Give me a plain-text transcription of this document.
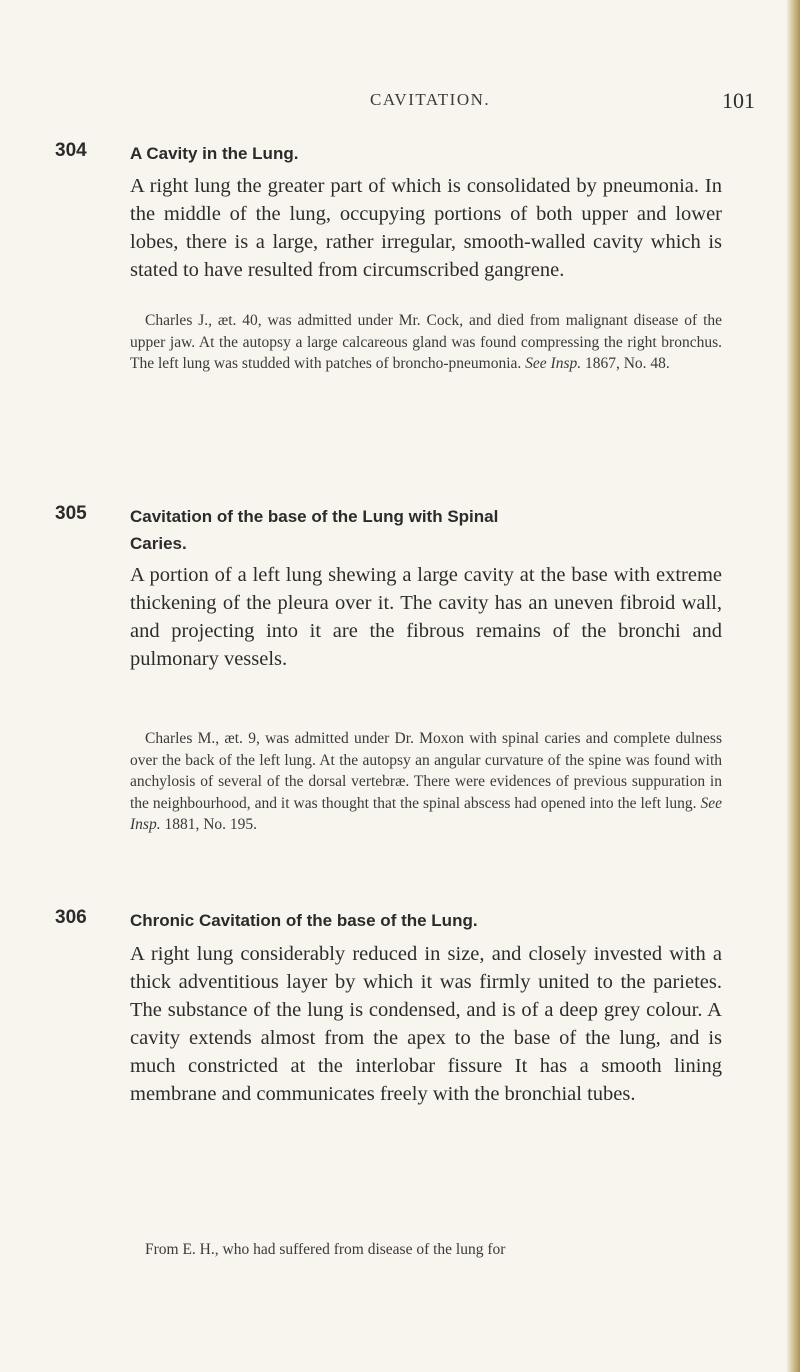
CAVITATION.	101
304	A Cavity in the Lung.
A right lung the greater part of which is consolidated by pneumonia. In the middle of the lung, occupying portions of both upper and lower lobes, there is a large, rather irregular, smooth-walled cavity which is stated to have resulted from circumscribed gangrene.
Charles J., æt. 40, was admitted under Mr. Cock, and died from malignant disease of the upper jaw. At the autopsy a large calcareous gland was found compressing the right bronchus. The left lung was studded with patches of broncho-pneumonia. See Insp. 1867, No. 48.
305	Cavitation of the base of the Lung with Spinal
Caries.
A portion of a left lung shewing a large cavity at the base with extreme thickening of the pleura over it. The cavity has an uneven fibroid wall, and projecting into it are the fibrous remains of the bronchi and pulmonary vessels.
Charles M., æt. 9, was admitted under Dr. Moxon with spinal caries and complete dulness over the back of the left lung. At the autopsy an angular curvature of the spine was found with anchylosis of several of the dorsal vertebræ. There were evidences of previous suppuration in the neighbourhood, and it was thought that the spinal abscess had opened into the left lung. See Insp. 1881, No. 195.
306	Chronic Cavitation of the base of the Lung.
A right lung considerably reduced in size, and closely invested with a thick adventitious layer by which it was firmly united to the parietes. The substance of the lung is condensed, and is of a deep grey colour. A cavity extends almost from the apex to the base of the lung, and is much constricted at the interlobar fissure It has a smooth lining membrane and communicates freely with the bronchial tubes.
From E. H., who had suffered from disease of the lung for
